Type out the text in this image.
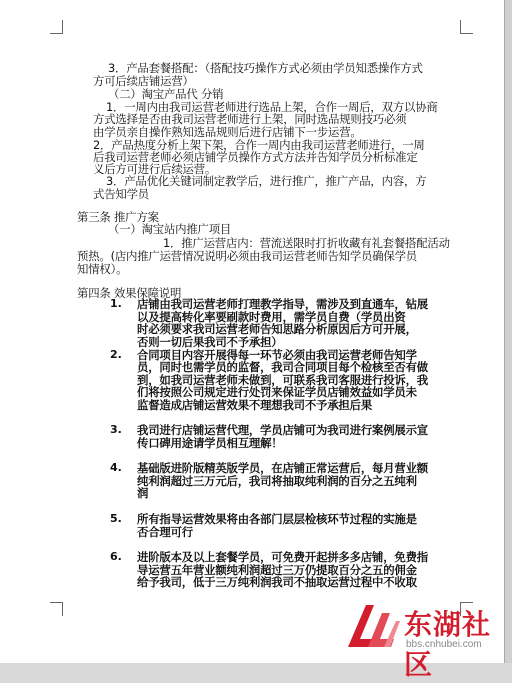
3．产品套餐搭配：（搭配技巧操作方式必须由学员知悉操作方式
方可后续店铺运营）
（二）淘宝产品代 分销
1．一周内由我司运营老师进行选品上架，合作一周后，双方以协商
方式选择是否由我司运营老师进行上架，同时选品规则技巧必须
由学员亲自操作熟知选品规则后进行店铺下一步运营。
2．产品热度分析上架下架，合作一周内由我司运营老师进行，一周
后我司运营老师必须店铺学员操作方式方法并告知学员分析标准定
义后方可进行后续运营。
3．产品优化关键词制定教学后，进行推广，推广产品，内容，方
式告知学员
第三条 推广方案
（一）淘宝站内推广项目
1．推广运营店内：营流送限时打折收藏有礼套餐搭配活动
预热。(店内推广运营情况说明必须由我司运营老师告知学员确保学员
知情权）。
第四条 效果保障说明
1. 店铺由我司运营老师打理教学指导，需涉及到直通车，钻展
以及提高转化率要刷款时费用，需学员自费（学员出资
时必须要求我司运营老师告知思路分析原因后方可开展，
否则一切后果我司不予承担）
2. 合同项目内容开展得每一环节必须由我司运营老师告知学
员，同时也需学员的监督，我司合同项目每个检核至否有做
到，如我司运营老师未做到，可联系我司客服进行投诉，我
们将按照公司规定进行处罚来保证学员店铺效益如学员未
监督造成店铺运营效果不理想我司不予承担后果
3. 我司进行店铺运营代理，学员店铺可为我司进行案例展示宣
传口碑用途请学员相互理解！
4. 基础版进阶版精英版学员，在店铺正常运营后，每月营业额
纯利润超过三万元后，我司将抽取纯利润的百分之五纯利
润
5. 所有指导运营效果将由各部门层层检核环节过程的实施是
否合理可行
6. 进阶版本及以上套餐学员，可免费开起拼多多店铺，免费指
导运营五年营业额纯利润超过三万仍提取百分之五的佣金
给予我司，低于三万纯利润我司不抽取运营过程中不收取
东湖社区
bbs.cnhubei.com
